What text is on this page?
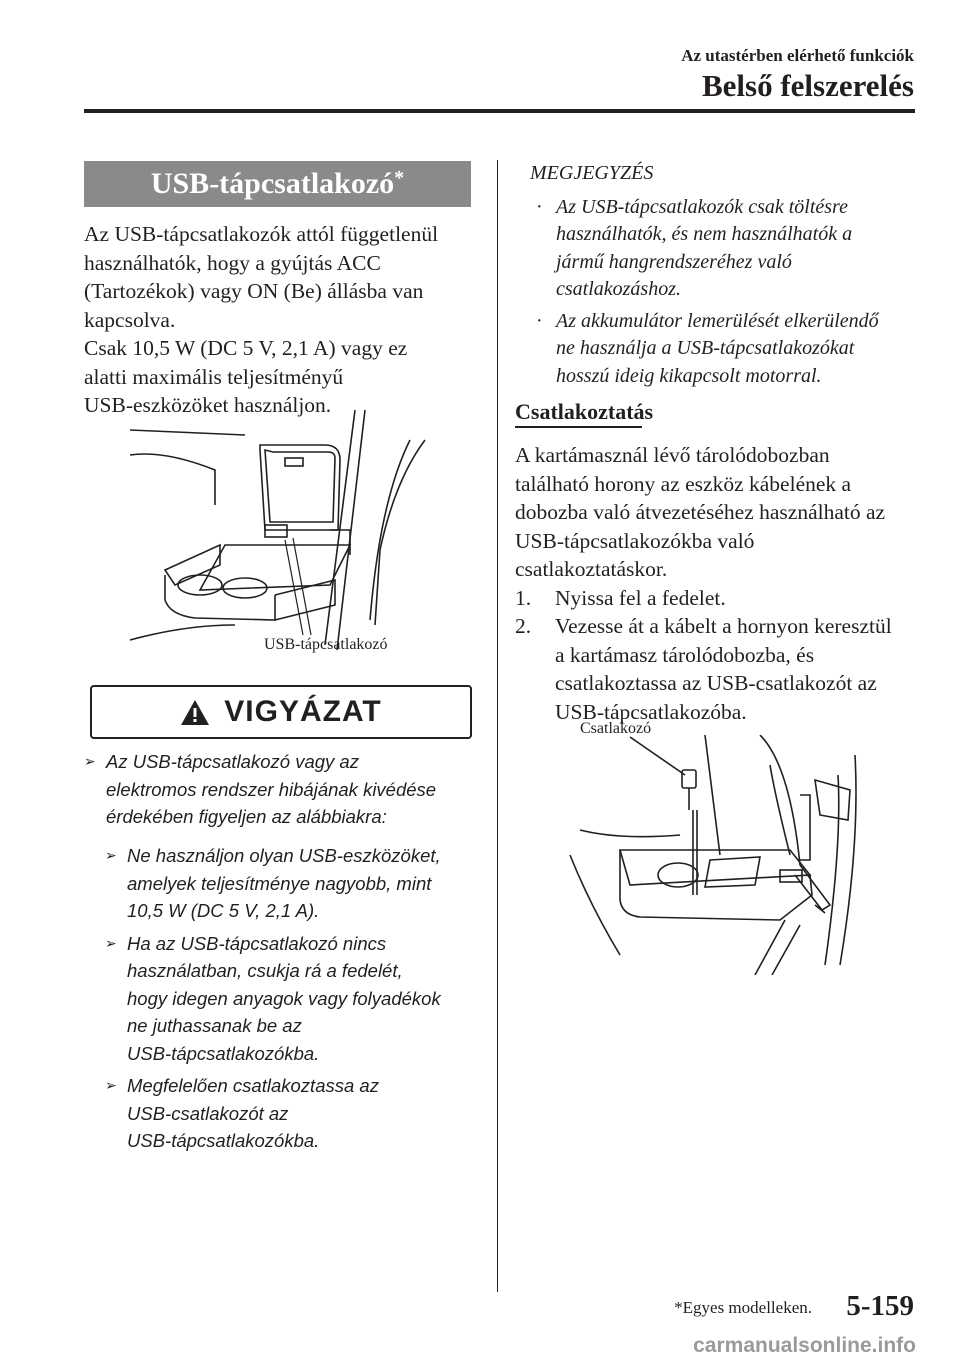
Az utastérben elérhető funkciók
Belső felszerelés
USB-tápcsatlakozó*

Az USB-tápcsatlakozók attól függetlenül

használhatók, hogy a gyújtás ACC

(Tartozékok) vagy ON (Be) állásba van

kapcsolva.

Csak 10,5 W (DC 5 V, 2,1 A) vagy ez

alatti maximális teljesítményű

USB-eszközöket használjon.

USB-tápcsatlakozó
VIGYÁZAT
➢ Az USB-tápcsatlakozó vagy az
elektromos rendszer hibájának kivédése
érdekében figyeljen az alábbiakra:
➢ Ne használjon olyan USB-eszközöket,
amelyek teljesítménye nagyobb, mint
10,5 W (DC 5 V, 2,1 A).
➢ Ha az USB-tápcsatlakozó nincs
használatban, csukja rá a fedelét,
hogy idegen anyagok vagy folyadékok
ne juthassanak be az
USB-tápcsatlakozókba.
➢ Megfelelően csatlakoztassa az
USB-csatlakozót az
USB-tápcsatlakozókba.

MEGJEGYZÉS

· Az USB-tápcsatlakozók csak töltésre
használhatók, és nem használhatók a
jármű hangrendszeréhez való
csatlakozáshoz.
· Az akkumulátor lemerülését elkerülendő
ne használja a USB-tápcsatlakozókat
hosszú ideig kikapcsolt motorral.
Csatlakoztatás

A kartámasznál lévő tárolódobozban

található horony az eszköz kábelének a

dobozba való átvezetéséhez használható az

USB-tápcsatlakozókba való

csatlakoztatáskor.

1. Nyissa fel a fedelet.
2. Vezesse át a kábelt a hornyon keresztül
a kartámasz tárolódobozba, és
csatlakoztassa az USB-csatlakozót az
USB-tápcsatlakozóba.
Csatlakozó
*Egyes modelleken. 5-159
carmanualsonline.info
